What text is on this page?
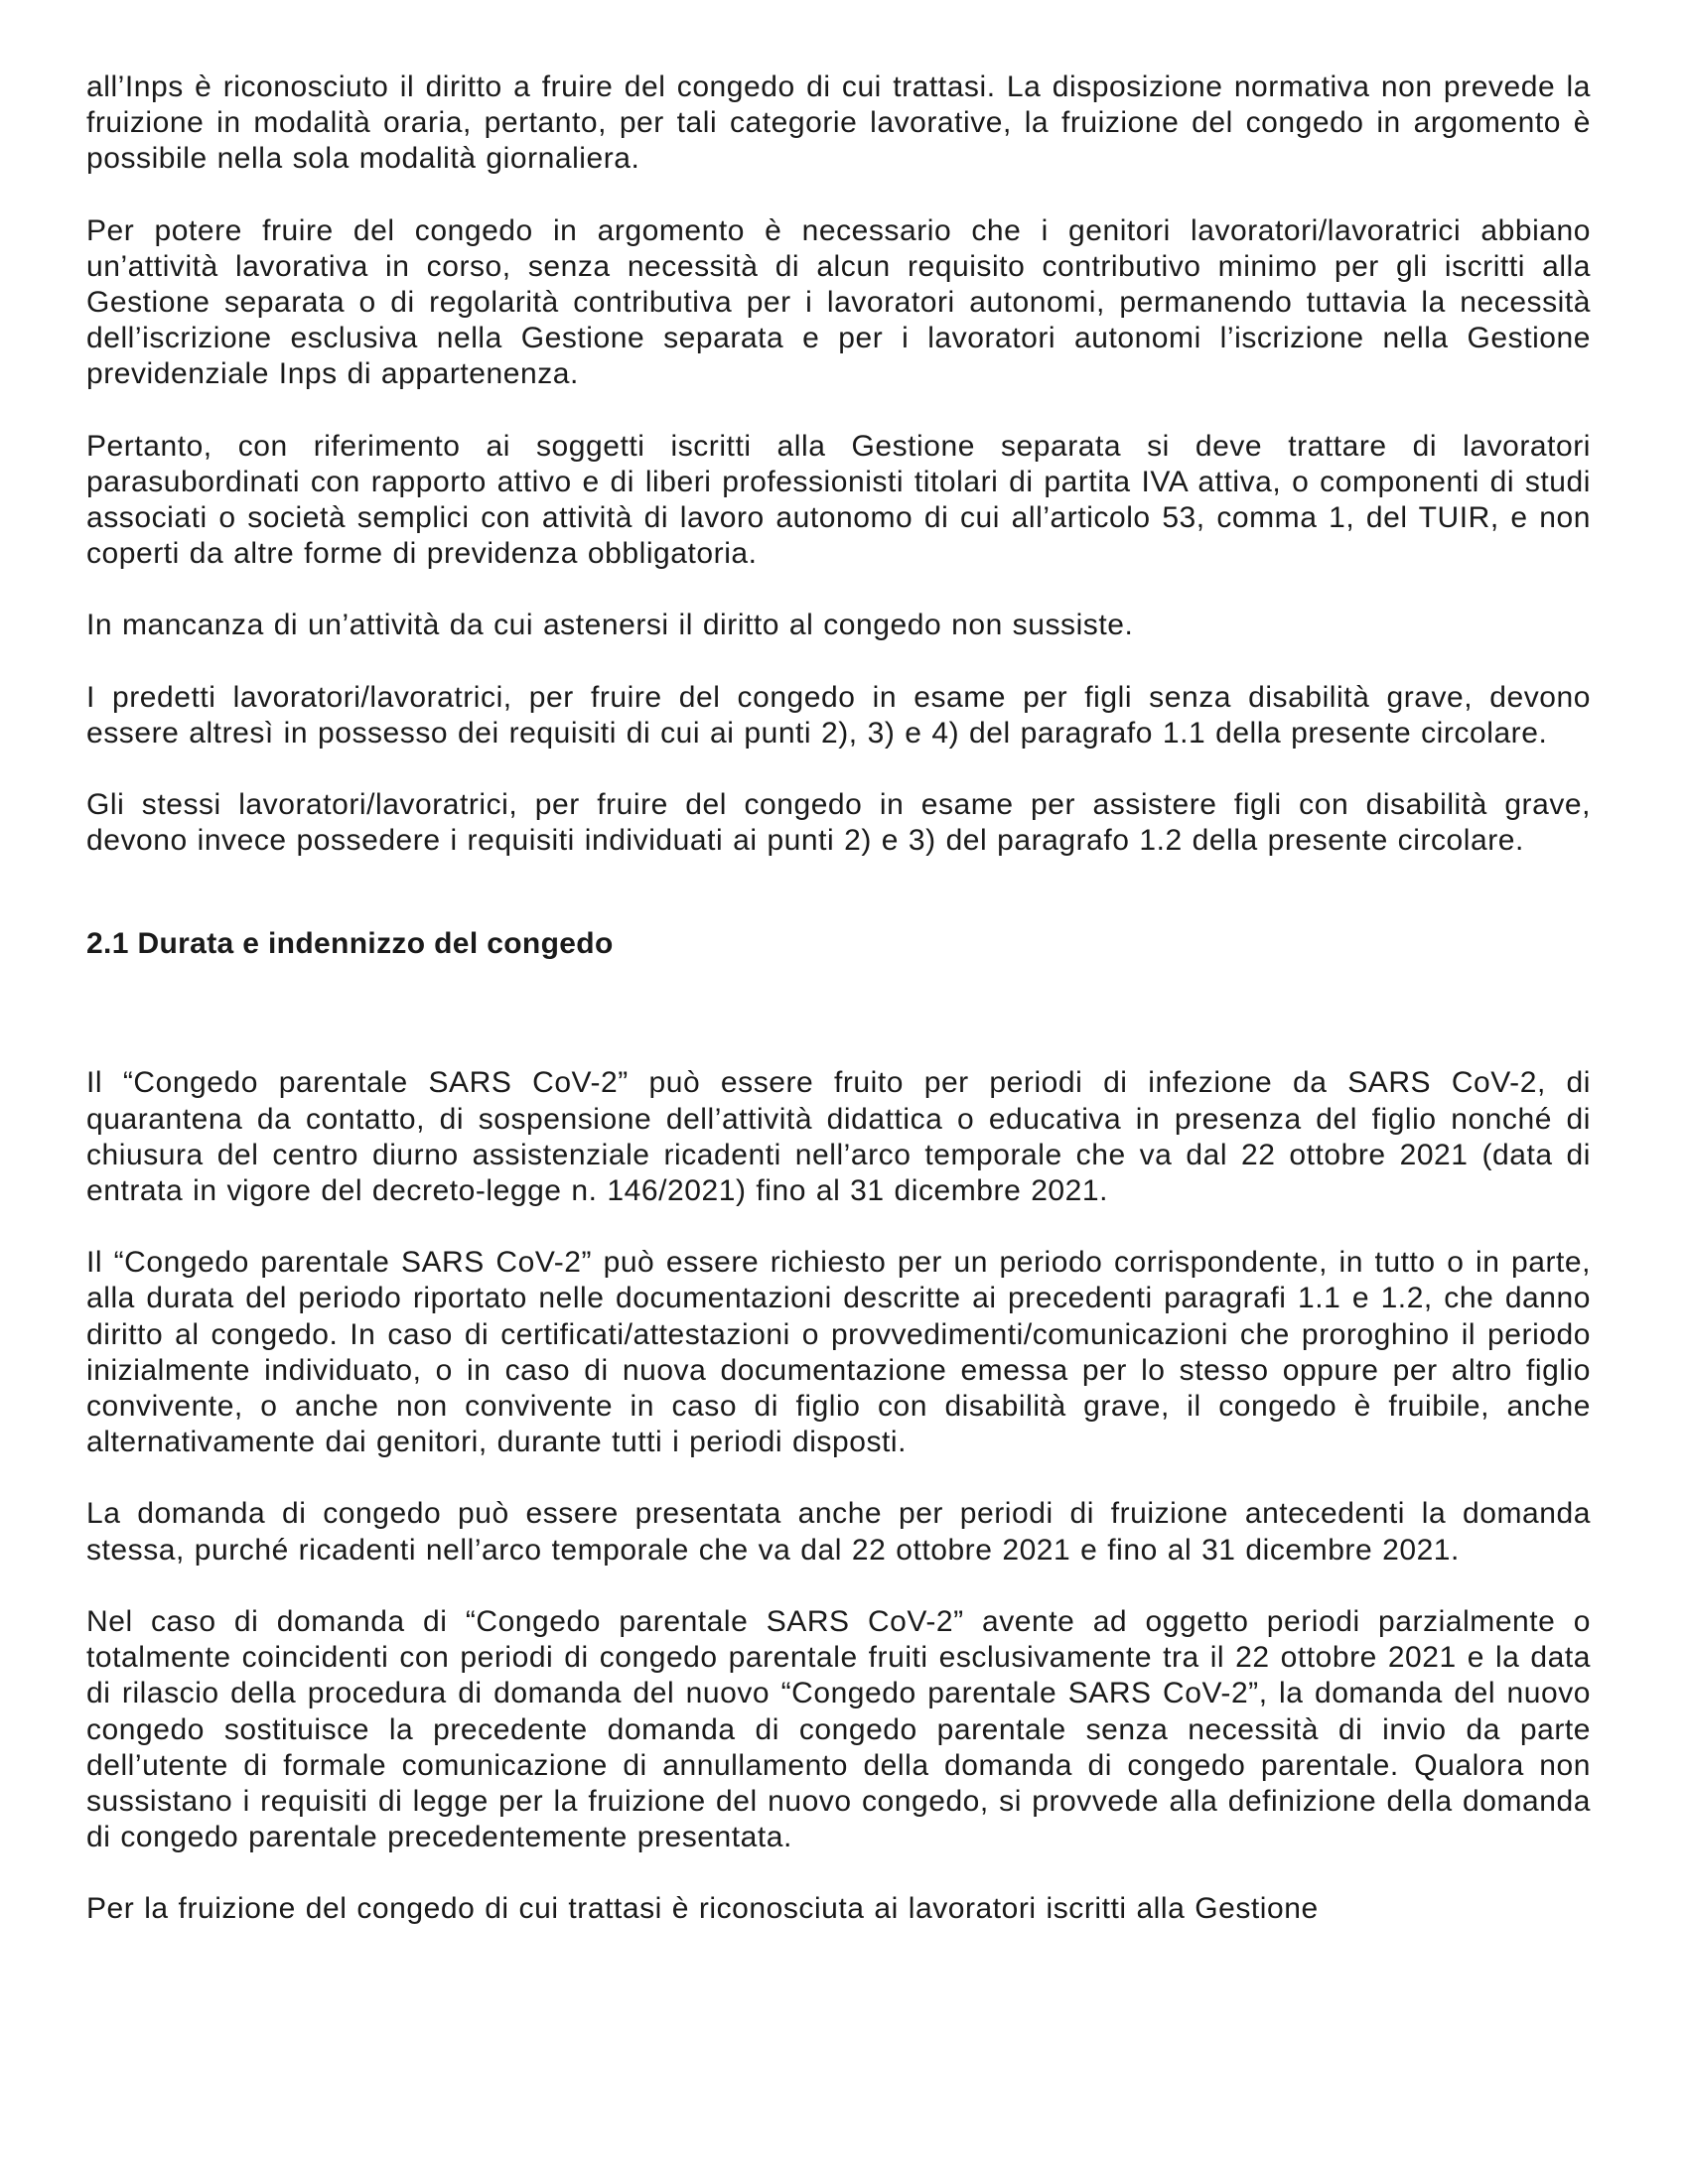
all’Inps è riconosciuto il diritto a fruire del congedo di cui trattasi. La disposizione normativa non prevede la fruizione in modalità oraria, pertanto, per tali categorie lavorative, la fruizione del congedo in argomento è possibile nella sola modalità giornaliera.

Per potere fruire del congedo in argomento è necessario che i genitori lavoratori/lavoratrici abbiano un’attività lavorativa in corso, senza necessità di alcun requisito contributivo minimo per gli iscritti alla Gestione separata o di regolarità contributiva per i lavoratori autonomi, permanendo tuttavia la necessità dell’iscrizione esclusiva nella Gestione separata e per i lavoratori autonomi l’iscrizione nella Gestione previdenziale Inps di appartenenza.

Pertanto, con riferimento ai soggetti iscritti alla Gestione separata si deve trattare di lavoratori parasubordinati con rapporto attivo e di liberi professionisti titolari di partita IVA attiva, o componenti di studi associati o società semplici con attività di lavoro autonomo di cui all’articolo 53, comma 1, del TUIR, e non coperti da altre forme di previdenza obbligatoria.

In mancanza di un’attività da cui astenersi il diritto al congedo non sussiste.

I predetti lavoratori/lavoratrici, per fruire del congedo in esame per figli senza disabilità grave, devono essere altresì in possesso dei requisiti di cui ai punti 2), 3) e 4) del paragrafo 1.1 della presente circolare.

Gli stessi lavoratori/lavoratrici, per fruire del congedo in esame per assistere figli con disabilità grave, devono invece possedere i requisiti individuati ai punti 2) e 3) del paragrafo 1.2 della presente circolare.

2.1 Durata e indennizzo del congedo

Il “Congedo parentale SARS CoV-2” può essere fruito per periodi di infezione da SARS CoV-2, di quarantena da contatto, di sospensione dell’attività didattica o educativa in presenza del figlio nonché di chiusura del centro diurno assistenziale ricadenti nell’arco temporale che va dal 22 ottobre 2021 (data di entrata in vigore del decreto-legge n. 146/2021) fino al 31 dicembre 2021.

Il “Congedo parentale SARS CoV-2” può essere richiesto per un periodo corrispondente, in tutto o in parte, alla durata del periodo riportato nelle documentazioni descritte ai precedenti paragrafi 1.1 e 1.2, che danno diritto al congedo. In caso di certificati/attestazioni o provvedimenti/comunicazioni che proroghino il periodo inizialmente individuato, o in caso di nuova documentazione emessa per lo stesso oppure per altro figlio convivente, o anche non convivente in caso di figlio con disabilità grave, il congedo è fruibile, anche alternativamente dai genitori, durante tutti i periodi disposti.

La domanda di congedo può essere presentata anche per periodi di fruizione antecedenti la domanda stessa, purché ricadenti nell’arco temporale che va dal 22 ottobre 2021 e fino al 31 dicembre 2021.

Nel caso di domanda di “Congedo parentale SARS CoV-2” avente ad oggetto periodi parzialmente o totalmente coincidenti con periodi di congedo parentale fruiti esclusivamente tra il 22 ottobre 2021 e la data di rilascio della procedura di domanda del nuovo “Congedo parentale SARS CoV-2”, la domanda del nuovo congedo sostituisce la precedente domanda di congedo parentale senza necessità di invio da parte dell’utente di formale comunicazione di annullamento della domanda di congedo parentale. Qualora non sussistano i requisiti di legge per la fruizione del nuovo congedo, si provvede alla definizione della domanda di congedo parentale precedentemente presentata.

Per la fruizione del congedo di cui trattasi è riconosciuta ai lavoratori iscritti alla Gestione
